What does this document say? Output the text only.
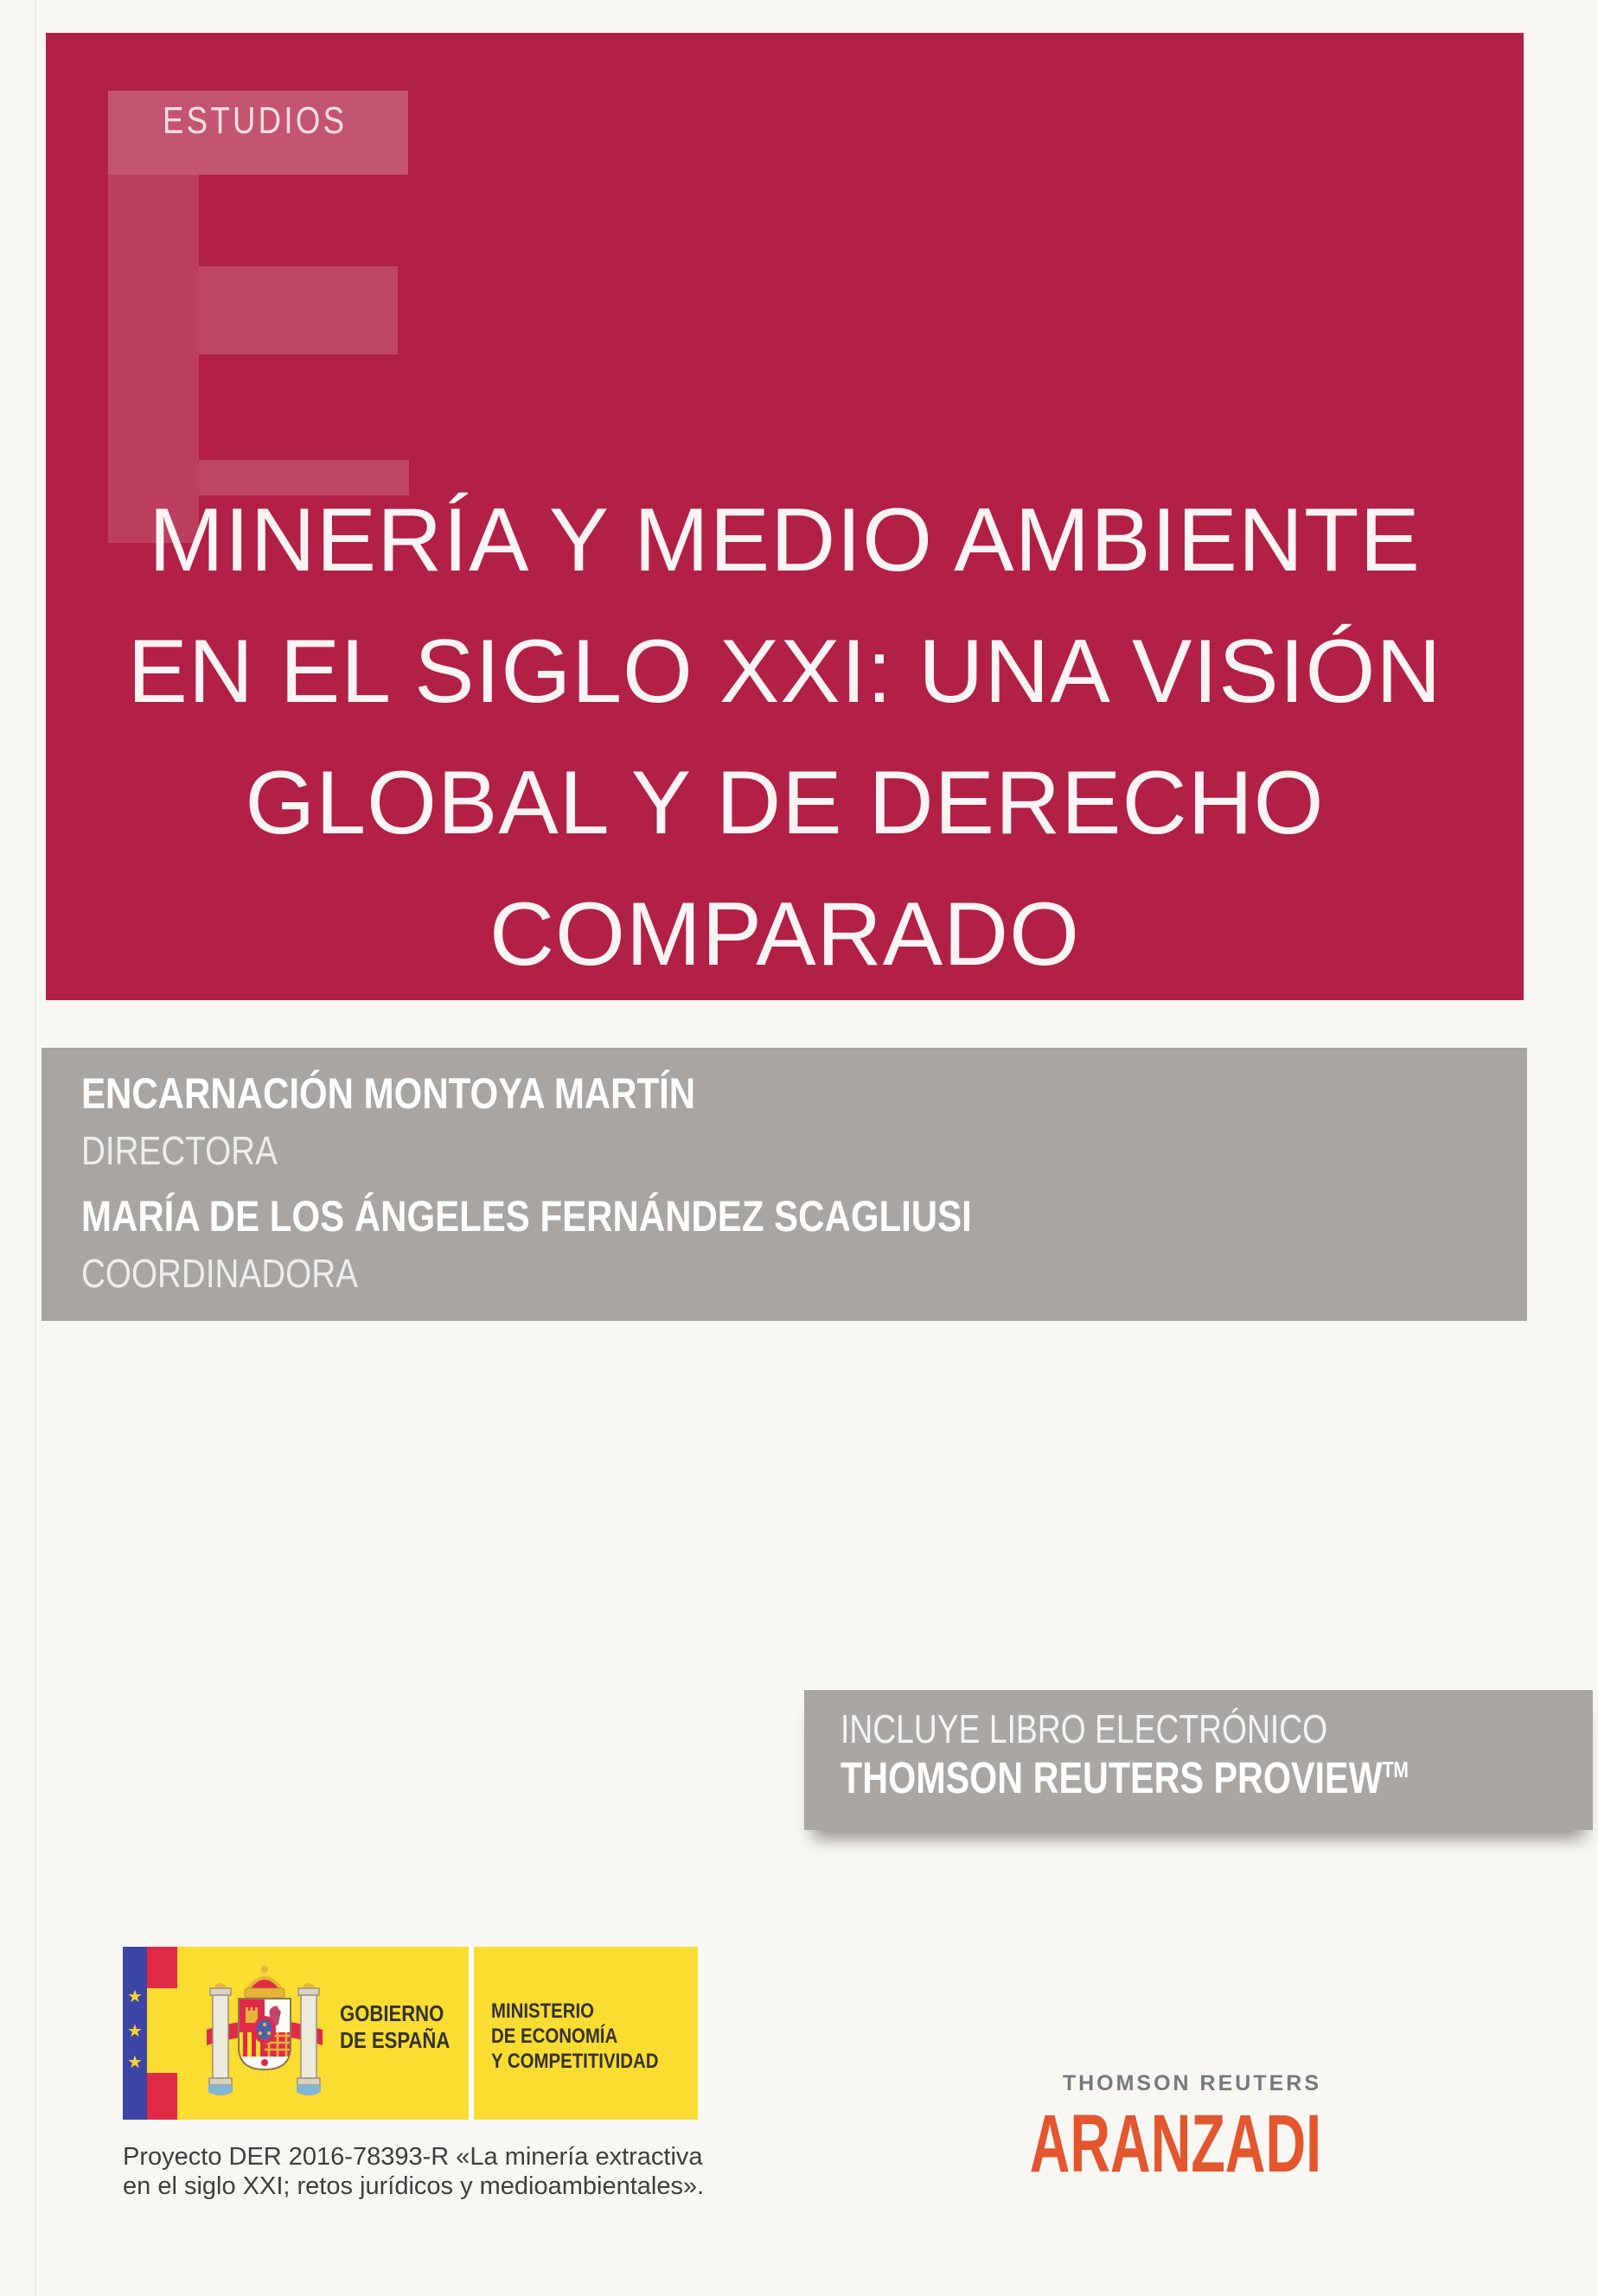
ESTUDIOS
MINERÍA Y MEDIO AMBIENTE
EN EL SIGLO XXI: UNA VISIÓN
GLOBAL Y DE DERECHO
COMPARADO
ENCARNACIÓN MONTOYA MARTÍN
DIRECTORA
MARÍA DE LOS ÁNGELES FERNÁNDEZ SCAGLIUSI
COORDINADORA
INCLUYE LIBRO ELECTRÓNICO
THOMSON REUTERS PROVIEW™
★
★
★
GOBIERNO
DE ESPAÑA
MINISTERIO
DE ECONOMÍA
Y COMPETITIVIDAD
Proyecto DER 2016-78393-R «La minería extractiva
en el siglo XXI; retos jurídicos y medioambientales».
THOMSON REUTERS
ARANZADI
